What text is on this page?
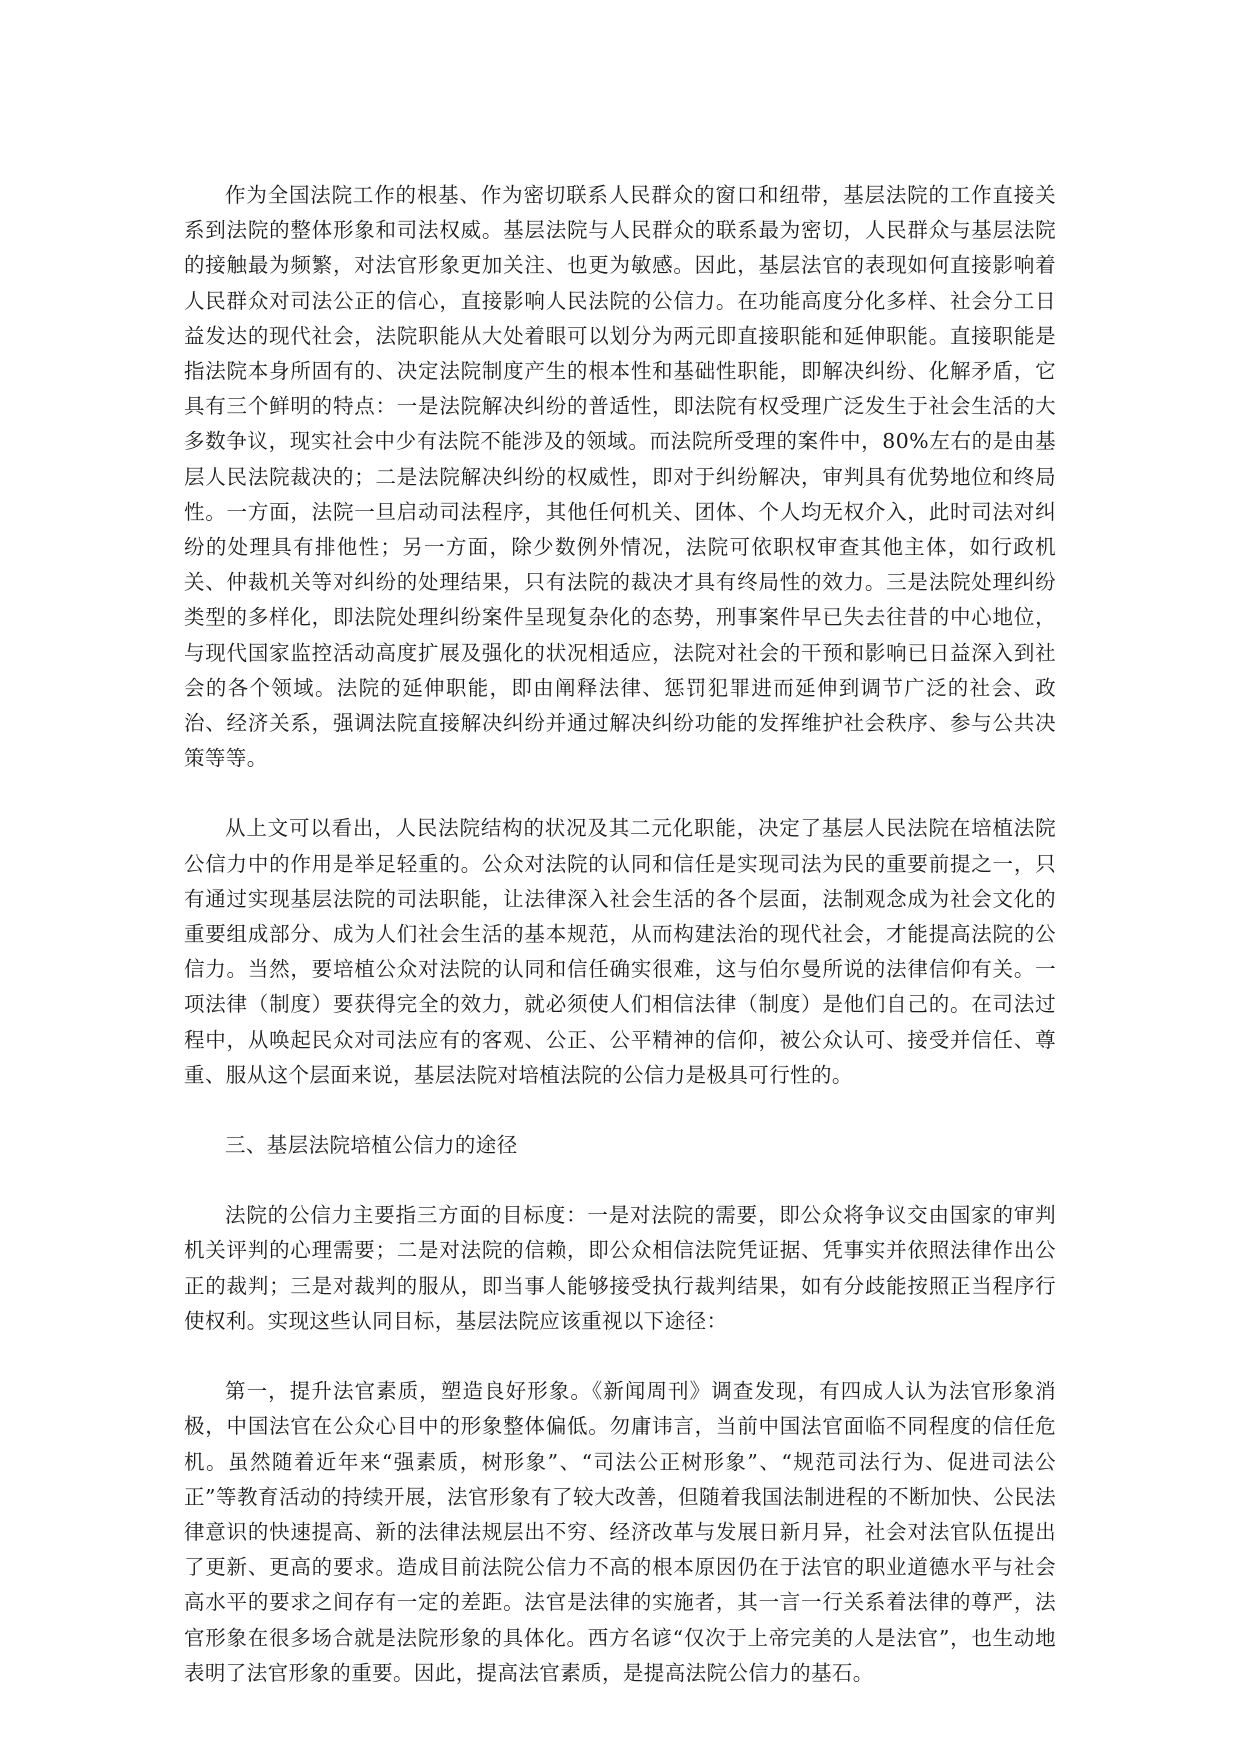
作为全国法院工作的根基、作为密切联系人民群众的窗口和纽带，基层法院的工作直接关系到法院的整体形象和司法权威。基层法院与人民群众的联系最为密切，人民群众与基层法院的接触最为频繁，对法官形象更加关注、也更为敏感。因此，基层法官的表现如何直接影响着人民群众对司法公正的信心，直接影响人民法院的公信力。在功能高度分化多样、社会分工日益发达的现代社会，法院职能从大处着眼可以划分为两元即直接职能和延伸职能。直接职能是指法院本身所固有的、决定法院制度产生的根本性和基础性职能，即解决纠纷、化解矛盾，它具有三个鲜明的特点：一是法院解决纠纷的普适性，即法院有权受理广泛发生于社会生活的大多数争议，现实社会中少有法院不能涉及的领域。而法院所受理的案件中，80%左右的是由基层人民法院裁决的；二是法院解决纠纷的权威性，即对于纠纷解决，审判具有优势地位和终局性。一方面，法院一旦启动司法程序，其他任何机关、团体、个人均无权介入，此时司法对纠纷的处理具有排他性；另一方面，除少数例外情况，法院可依职权审查其他主体，如行政机关、仲裁机关等对纠纷的处理结果，只有法院的裁决才具有终局性的效力。三是法院处理纠纷类型的多样化，即法院处理纠纷案件呈现复杂化的态势，刑事案件早已失去往昔的中心地位，与现代国家监控活动高度扩展及强化的状况相适应，法院对社会的干预和影响已日益深入到社会的各个领域。法院的延伸职能，即由阐释法律、惩罚犯罪进而延伸到调节广泛的社会、政治、经济关系，强调法院直接解决纠纷并通过解决纠纷功能的发挥维护社会秩序、参与公共决策等等。

从上文可以看出，人民法院结构的状况及其二元化职能，决定了基层人民法院在培植法院公信力中的作用是举足轻重的。公众对法院的认同和信任是实现司法为民的重要前提之一，只有通过实现基层法院的司法职能，让法律深入社会生活的各个层面，法制观念成为社会文化的重要组成部分、成为人们社会生活的基本规范，从而构建法治的现代社会，才能提高法院的公信力。当然，要培植公众对法院的认同和信任确实很难，这与伯尔曼所说的法律信仰有关。一项法律（制度）要获得完全的效力，就必须使人们相信法律（制度）是他们自己的。在司法过程中，从唤起民众对司法应有的客观、公正、公平精神的信仰，被公众认可、接受并信任、尊重、服从这个层面来说，基层法院对培植法院的公信力是极具可行性的。

三、基层法院培植公信力的途径

法院的公信力主要指三方面的目标度：一是对法院的需要，即公众将争议交由国家的审判机关评判的心理需要；二是对法院的信赖，即公众相信法院凭证据、凭事实并依照法律作出公正的裁判；三是对裁判的服从，即当事人能够接受执行裁判结果，如有分歧能按照正当程序行使权利。实现这些认同目标，基层法院应该重视以下途径：

第一，提升法官素质，塑造良好形象。《新闻周刊》调查发现，有四成人认为法官形象消极，中国法官在公众心目中的形象整体偏低。勿庸讳言，当前中国法官面临不同程度的信任危机。虽然随着近年来“强素质，树形象”、“司法公正树形象”、“规范司法行为、促进司法公正”等教育活动的持续开展，法官形象有了较大改善，但随着我国法制进程的不断加快、公民法律意识的快速提高、新的法律法规层出不穷、经济改革与发展日新月异，社会对法官队伍提出了更新、更高的要求。造成目前法院公信力不高的根本原因仍在于法官的职业道德水平与社会高水平的要求之间存有一定的差距。法官是法律的实施者，其一言一行关系着法律的尊严，法官形象在很多场合就是法院形象的具体化。西方名谚“仅次于上帝完美的人是法官”，也生动地表明了法官形象的重要。因此，提高法官素质，是提高法院公信力的基石。
